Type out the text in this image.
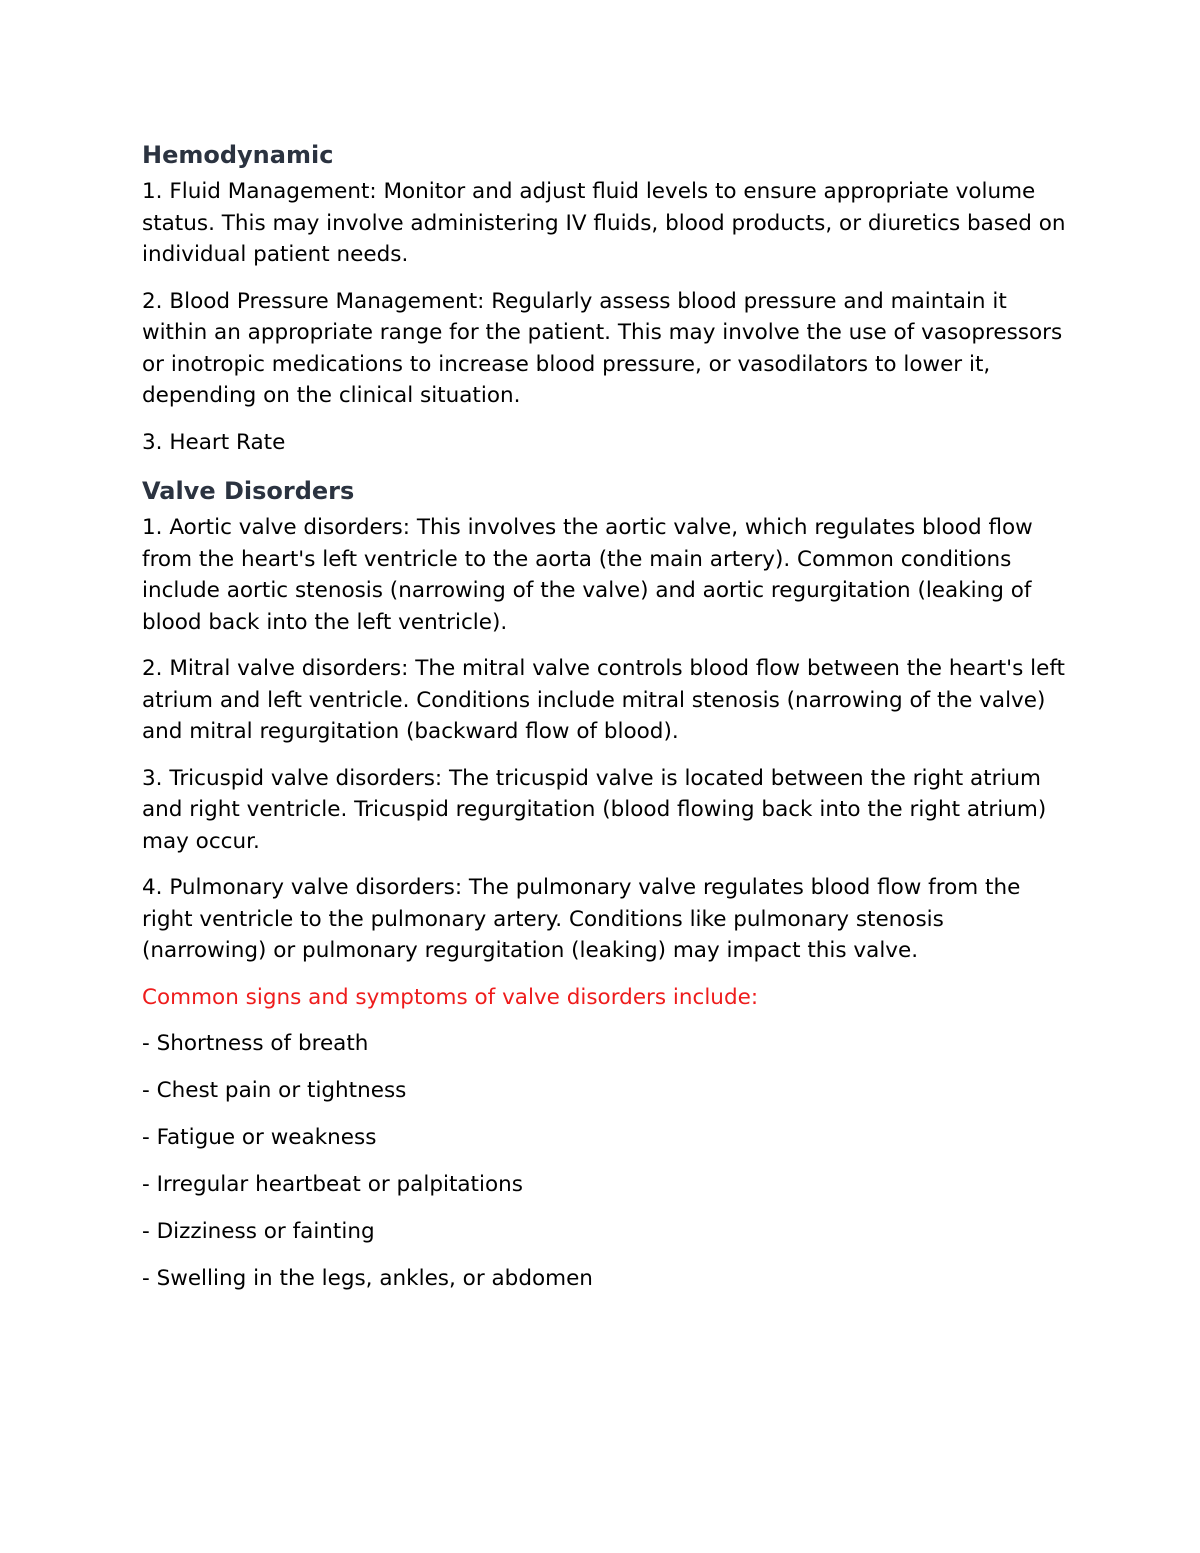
Hemodynamic

1. Fluid Management: Monitor and adjust fluid levels to ensure appropriate volume status. This may involve administering IV fluids, blood products, or diuretics based on individual patient needs.

2. Blood Pressure Management: Regularly assess blood pressure and maintain it within an appropriate range for the patient. This may involve the use of vasopressors or inotropic medications to increase blood pressure, or vasodilators to lower it, depending on the clinical situation.

3. Heart Rate

Valve Disorders

1. Aortic valve disorders: This involves the aortic valve, which regulates blood flow from the heart's left ventricle to the aorta (the main artery). Common conditions include aortic stenosis (narrowing of the valve) and aortic regurgitation (leaking of blood back into the left ventricle).

2. Mitral valve disorders: The mitral valve controls blood flow between the heart's left atrium and left ventricle. Conditions include mitral stenosis (narrowing of the valve) and mitral regurgitation (backward flow of blood).

3. Tricuspid valve disorders: The tricuspid valve is located between the right atrium and right ventricle. Tricuspid regurgitation (blood flowing back into the right atrium) may occur.

4. Pulmonary valve disorders: The pulmonary valve regulates blood flow from the right ventricle to the pulmonary artery. Conditions like pulmonary stenosis (narrowing) or pulmonary regurgitation (leaking) may impact this valve.

Common signs and symptoms of valve disorders include:

- Shortness of breath

- Chest pain or tightness

- Fatigue or weakness

- Irregular heartbeat or palpitations

- Dizziness or fainting

- Swelling in the legs, ankles, or abdomen
